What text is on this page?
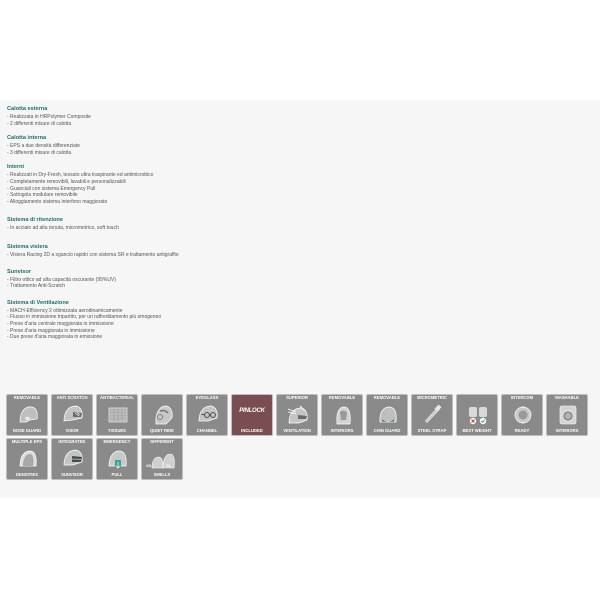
Calotta esterna
- Realizzata in HRPolymer Composite
- 2 differenti misure di calotta
Calotta interna
- EPS a due densità differenziate
- 3 differenti misure di calotta
Interni
- Realizzati in Dry-Fresh, tessuto ultra traspirante ed antimicrobico
- Completamente removibili, lavabili e personalizzabili
- Guanciali con sistema Emergency Pull
- Sottogola modulare removibile
- Alloggiamento sistema interfono maggiorato
Sistema di ritenzione
- In acciaio ad alta tenuta, micrometrico, soft touch
Sistema visiera
- Visiera Racing 2D a sgancio rapido con sistema SR e trattamento antigraffio
Sunvisor
- Filtro ottico ad alta capacità oscurante (95%UV)
- Trattamento Anti-Scratch
Sistema di Ventilazione
- MACH-Efficiency 2 ottimizzata aerodinamicamente
- Flusso in immissione tripartito, per un raffreddamento più omogeneo
- Prese d'aria centrale maggiorata in immissione
- Prese d'aria maggiorata in immissione
- Due prese d'aria maggiorata in emissione
REMOVABLE
NOSE GUARD
ANTI SCRATCH
VISOR
ANTIBACTERIAL
TISSUES	QUIET RIDE
EYEGLASS
CHANNEL
PINLOCK
INCLUDED
SUPERIOR
VENTILATION
REMOVABLE
INTERIORS
REMOVABLE
CHIN GUARD
MICROMETRIC
STEEL STRAP	BEST WEIGHT
INTERCOM
READY
WASHABLE
INTERIORS
MULTIPLE EPS
DENSITIES
INTEGRATED
SUNVISOR
EMERGENCY
PULL
DIFFERENT
XS	XL
SHELLS
